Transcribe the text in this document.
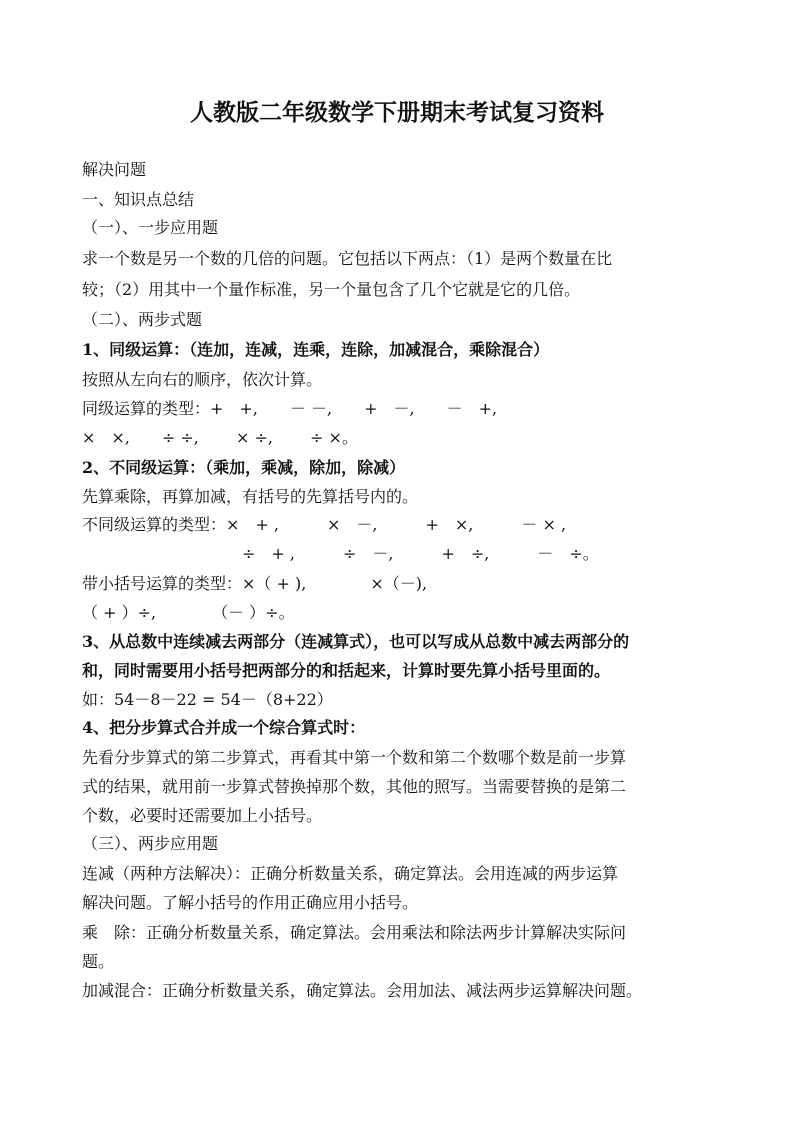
人教版二年级数学下册期末考试复习资料
解决问题
一、知识点总结
（一）、一步应用题
求一个数是另一个数的几倍的问题。它包括以下两点：（1）是两个数量在比
较；（2）用其中一个量作标准，另一个量包含了几个它就是它的几倍。
（二）、两步式题
1、同级运算：（连加，连减，连乘，连除，加减混合，乘除混合）
按照从左向右的顺序，依次计算。
同级运算的类型：+　+,　　－ －,　　+　－,　　－　+,
×　×,　　÷ ÷,　　 × ÷,　　 ÷ ×。
2、不同级运算：（乘加，乘减，除加，除减）
先算乘除，再算加减，有括号的先算括号内的。
不同级运算的类型：×　+ ,　　　×　－,　　　+　×,　　　－ × ,
　　　　　　　　　　÷　+ ,　　　÷　－,　　　+　÷,　　　－　÷。
带小括号运算的类型：×（ + ),　　　　×（－),
（ + ）÷,　　　　（－ ）÷。
3、从总数中连续减去两部分（连减算式），也可以写成从总数中减去两部分的
和，同时需要用小括号把两部分的和括起来，计算时要先算小括号里面的。
如：54－8－22 = 54－（8+22）
4、把分步算式合并成一个综合算式时：
先看分步算式的第二步算式，再看其中第一个数和第二个数哪个数是前一步算
式的结果，就用前一步算式替换掉那个数，其他的照写。当需要替换的是第二
个数，必要时还需要加上小括号。
（三）、两步应用题
连减（两种方法解决）：正确分析数量关系，确定算法。会用连减的两步运算
解决问题。了解小括号的作用正确应用小括号。
乘　除：正确分析数量关系，确定算法。会用乘法和除法两步计算解决实际问
题。
加减混合：正确分析数量关系，确定算法。会用加法、减法两步运算解决问题。
